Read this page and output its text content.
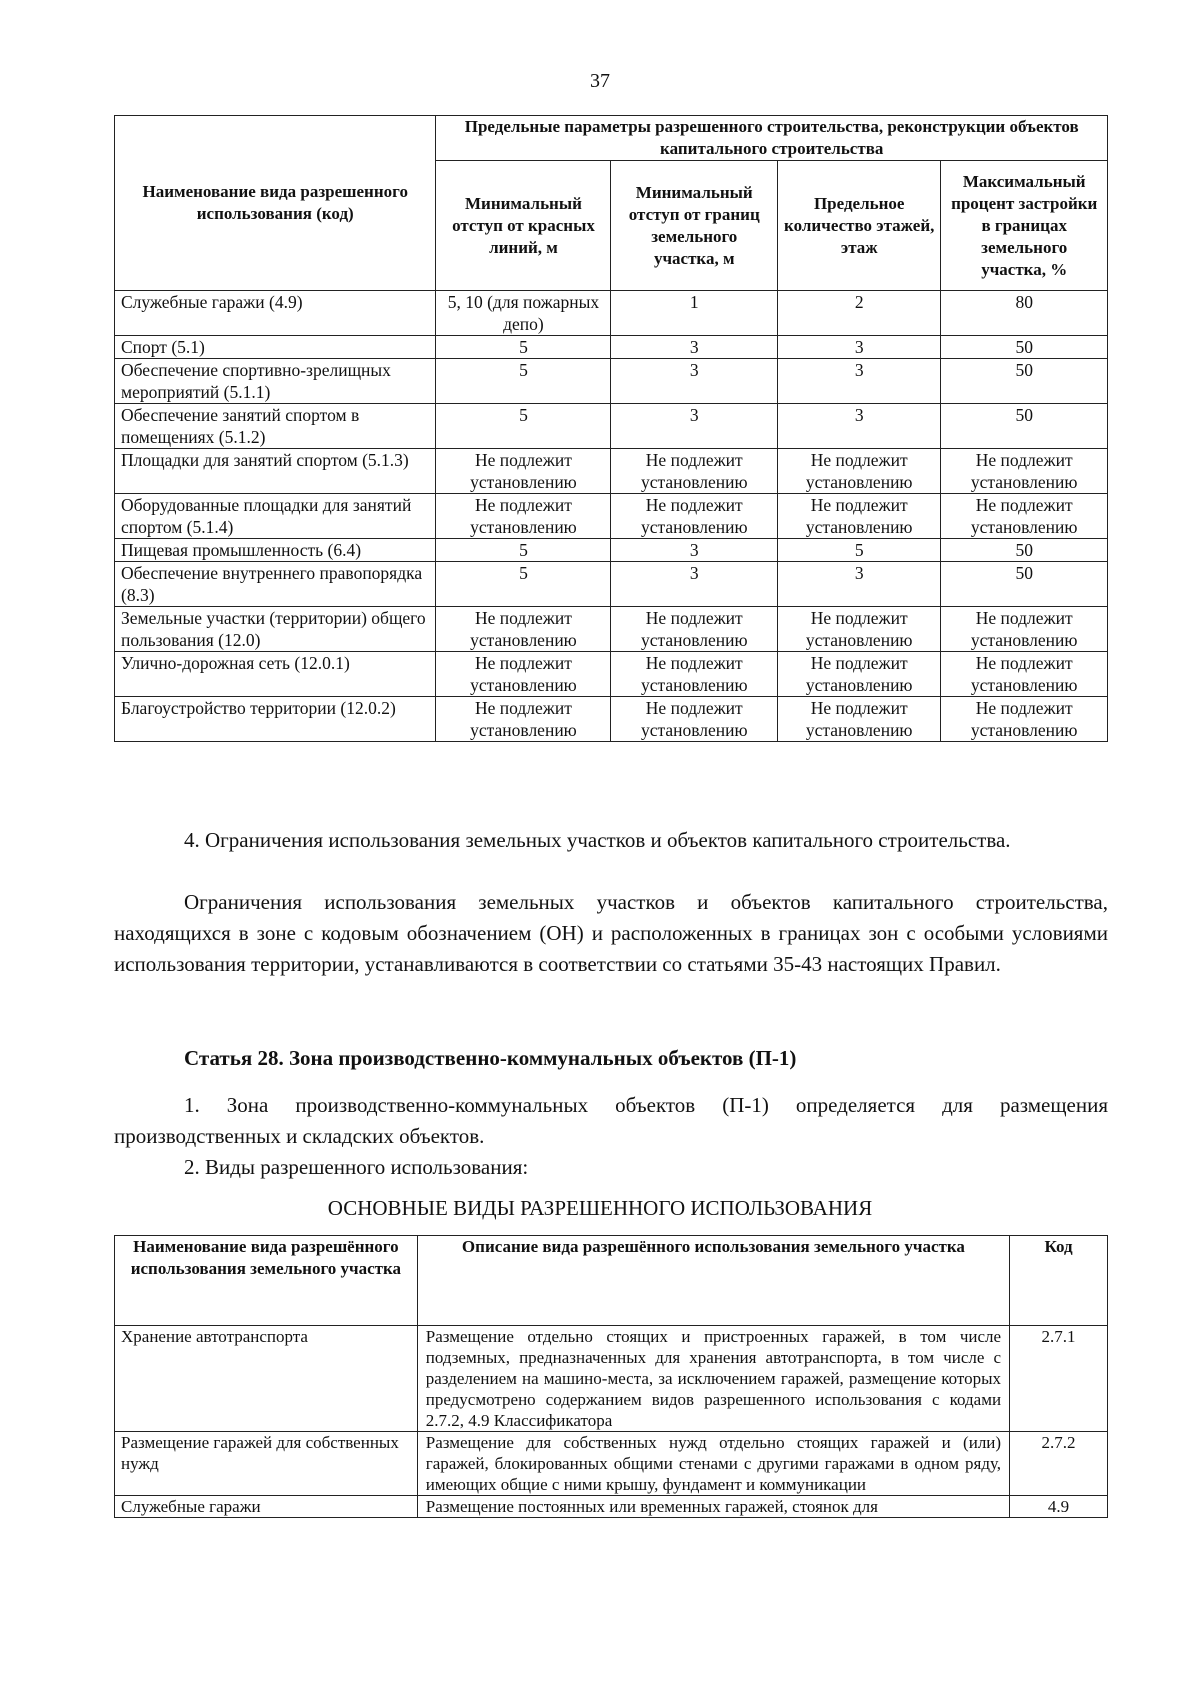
37
Наименование вида разрешенного использования (код)	Предельные параметры разрешенного строительства, реконструкции объектов капитального строительства			
	Минимальный отступ от красных линий, м	Минимальный отступ от границ земельного участка, м	Предельное количество этажей, этаж	Максимальный процент застройки в границах земельного участка, %
Служебные гаражи (4.9)	5, 10 (для пожарных депо)	1	2	80
Спорт (5.1)	5	3	3	50
Обеспечение спортивно-зрелищных мероприятий (5.1.1)	5	3	3	50
Обеспечение занятий спортом в помещениях (5.1.2)	5	3	3	50
Площадки для занятий спортом (5.1.3)	Не подлежит установлению	Не подлежит установлению	Не подлежит установлению	Не подлежит установлению
Оборудованные площадки для занятий спортом (5.1.4)	Не подлежит установлению	Не подлежит установлению	Не подлежит установлению	Не подлежит установлению
Пищевая промышленность (6.4)	5	3	5	50
Обеспечение внутреннего правопорядка (8.3)	5	3	3	50
Земельные участки (территории) общего пользования (12.0)	Не подлежит установлению	Не подлежит установлению	Не подлежит установлению	Не подлежит установлению
Улично-дорожная сеть (12.0.1)	Не подлежит установлению	Не подлежит установлению	Не подлежит установлению	Не подлежит установлению
Благоустройство территории (12.0.2)	Не подлежит установлению	Не подлежит установлению	Не подлежит установлению	Не подлежит установлению

4. Ограничения использования земельных участков и объектов капитального строительства.

Ограничения использования земельных участков и объектов капитального строительства, находящихся в зоне с кодовым обозначением (ОН) и расположенных в границах зон с особыми условиями использования территории, устанавливаются в соответствии со статьями 35-43 настоящих Правил.

Статья 28. Зона производственно-коммунальных объектов (П-1)

1. Зона производственно-коммунальных объектов (П-1) определяется для размещения производственных и складских объектов.

2. Виды разрешенного использования:

ОСНОВНЫЕ ВИДЫ РАЗРЕШЕННОГО ИСПОЛЬЗОВАНИЯ

Наименование вида разрешённого использования земельного участка	Описание вида разрешённого использования земельного участка	Код
Хранение автотранспорта	Размещение отдельно стоящих и пристроенных гаражей, в том числе подземных, предназначенных для хранения автотранспорта, в том числе с разделением на машино-места, за исключением гаражей, размещение которых предусмотрено содержанием видов разрешенного использования с кодами 2.7.2, 4.9 Классификатора	2.7.1
Размещение гаражей для собственных нужд	Размещение для собственных нужд отдельно стоящих гаражей и (или) гаражей, блокированных общими стенами с другими гаражами в одном ряду, имеющих общие с ними крышу, фундамент и коммуникации	2.7.2
Служебные гаражи	Размещение постоянных или временных гаражей, стоянок для	4.9
